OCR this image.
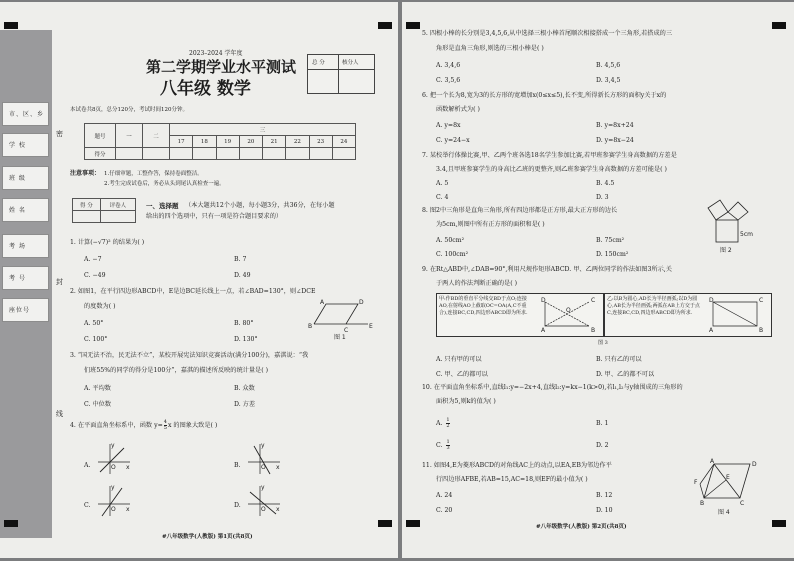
市、区、乡
学 校
班 级
姓 名
考 场
考 号
座位号
密
封
线
2023–2024 学年度
第二学期学业水平测试
八年级 数学
总 分	核分人
本试卷共8页，总分120分，考试时间120分钟。
题号	一	二	三							
			17	18	19	20	21	22	23	24
得分										
注意事项： 1.仔细审题，工整作答，保持卷面整洁。
2.考生完成试卷后，务必从头到尾认真检查一遍。
得 分	评卷人
		一、选择题 （本大题共12个小题，每小题3分，共36分，在每小题
给出的四个选项中，只有一项是符合题目要求的）
1. 计算(−√7)² 的结果为( )
A. −7	B. 7
C. −49	D. 49
2. 如图1，在平行四边形ABCD中，E是边BC延长线上一点，若∠BAD=130°，则∠DCE
的度数为( )
A. 50°	B. 80°
C. 100°	D. 130°
A	D
B
C
E
图 1
3. “国无法不治，民无法不立”，某校开展宪法知识竞赛活动(满分100分)，嘉淇说：“我
们班55%的同学的得分是100分”，嘉淇的描述所反映的统计量是( )
A. 平均数	B. 众数
C. 中位数	D. 方差
4. 在平面直角坐标系中，函数 $y= \frac{4}{5}$ x 的图象大致是( )
A.	B.
C.	D.
y
x
O
y
x
O
y
x
O
y
x
O
#八年级数学(人教版) 第1页(共8页)
5. 四根小棒的长分别是3,4,5,6,从中选择三根小棒首尾顺次相接搭成一个三角形,若搭成的三
角形是直角三角形,则选的三根小棒是( )
A. 3,4,6	B. 4,5,6
C. 3,5,6	D. 3,4,5
6. 把一个长为8,宽为3的长方形的宽增加x(0≤x≤5),长不变,所得新长方形的面积y关于x的
函数解析式为( )
A. y=8x	B. y=8x+24
C. y=24−x	D. y=8x−24
7. 某校举行体操比赛,甲、乙两个班各选18名学生参加比赛,若甲班参赛学生身高数据的方差是
3.4,且甲班参赛学生的身高比乙班的更整齐,则乙班参赛学生身高数据的方差可能是( )
A. 5	B. 4.5
C. 4	D. 3
8. 图2中三角形是直角三角形,所有四边形都是正方形,最大正方形的边长
为5cm,则图中所有正方形的面积和是( )
A. 50cm²	B. 75cm²
C. 100cm²	D. 150cm²
5cm
图 2
9. 在Rt△ABD中,∠DAB=90°,利用尺规作矩形ABCD. 甲、乙两位同学的作法如图3所示,关
于两人的作法判断正确的是( )
甲:作BD的垂直平分线交BD于点O;连接AO,在射线AO上截取OC=OA(A,C不重合),连接BC,CD,四边形ABCD即为所求.
D
A	B
C
O
乙:以B为圆心,AD长为半径画弧;以D为圆心,AB长为半径画弧;两弧在AB上方交于点C,连接BC,CD,四边形ABCD即为所求.
D
A	B
C
图 3
A. 只有甲的可以	B. 只有乙的可以
C. 甲、乙的都可以	D. 甲、乙的都不可以
10. 在平面直角坐标系中,直线l₁:y=−2x+4,直线l₂:y=kx−1(k>0),若l₁,l₂与y轴围成的三角形的
面积为5,则k的值为( )
A. $\frac{1}{2}$	B. 1
C. $\frac{1}{3}$	D. 2
11. 如图4,E为菱形ABCD的对角线AC上的动点,以EA,EB为邻边作平
行四边形AFBE,若AB=15,AC=18,则EF的最小值为( )
A. 24	B. 12
C. 20	D. 10
A	D
B	C
E
F
图 4
#八年级数学(人教版) 第2页(共8页)
